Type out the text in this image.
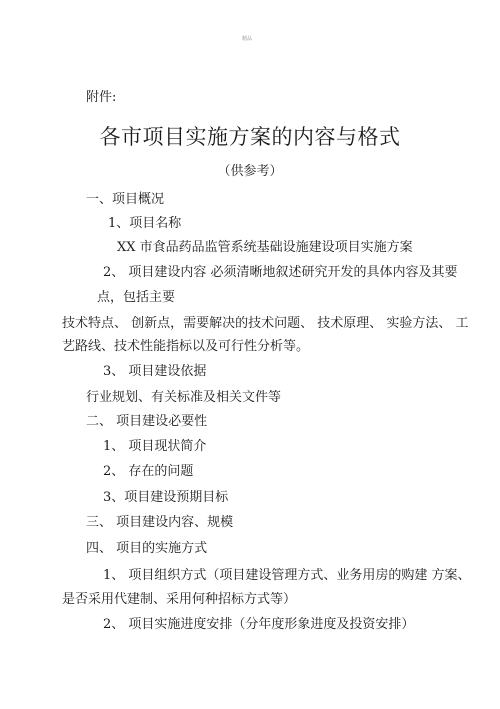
精品
附件:
各市项目实施方案的内容与格式
（供参考）
一、项目概况
1、项目名称
XX 市食品药品监管系统基础设施建设项目实施方案
2、 项目建设内容 必须清晰地叙述研究开发的具体内容及其要
点，包括主要
技术特点、 创新点，需要解决的技术问题、 技术原理、 实验方法、 工
艺路线、技术性能指标以及可行性分析等。
3、 项目建设依据
行业规划、有关标准及相关文件等
二、 项目建设必要性
1、 项目现状简介
2、 存在的问题
3、项目建设预期目标
三、 项目建设内容、规模
四、 项目的实施方式
1、 项目组织方式（项目建设管理方式、业务用房的购建 方案、
是否采用代建制、采用何种招标方式等）
2、 项目实施进度安排（分年度形象进度及投资安排）
